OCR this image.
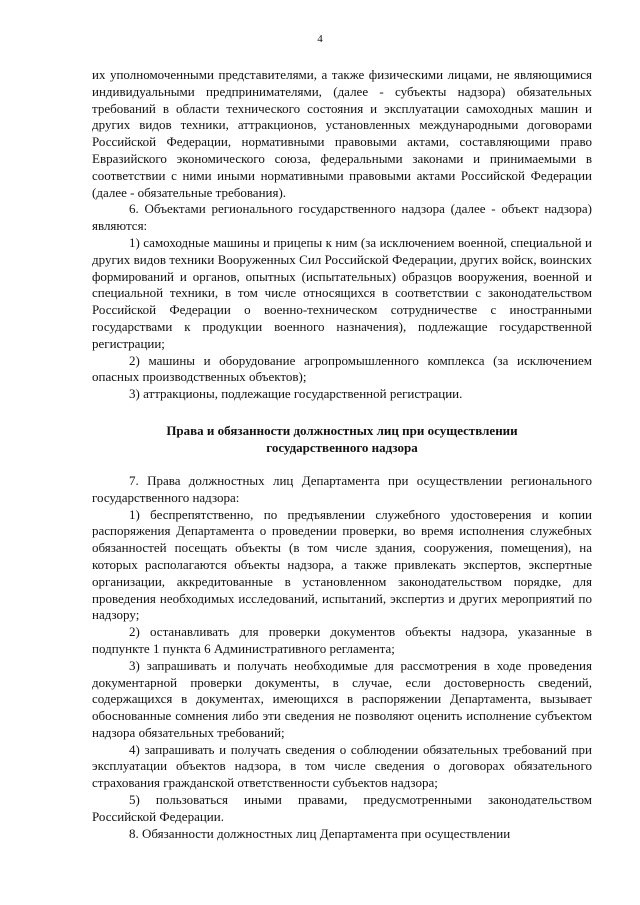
4

их уполномоченными представителями, а также физическими лицами, не являющимися индивидуальными предпринимателями, (далее - субъекты надзора) обязательных требований в области технического состояния и эксплуатации самоходных машин и других видов техники, аттракционов, установленных международными договорами Российской Федерации, нормативными правовыми актами, составляющими право Евразийского экономического союза, федеральными законами и принимаемыми в соответствии с ними иными нормативными правовыми актами Российской Федерации (далее - обязательные требования).

6. Объектами регионального государственного надзора (далее - объект надзора) являются:

1) самоходные машины и прицепы к ним (за исключением военной, специальной и других видов техники Вооруженных Сил Российской Федерации, других войск, воинских формирований и органов, опытных (испытательных) образцов вооружения, военной и специальной техники, в том числе относящихся в соответствии с законодательством Российской Федерации о военно-техническом сотрудничестве с иностранными государствами к продукции военного назначения), подлежащие государственной регистрации;

2) машины и оборудование агропромышленного комплекса (за исключением опасных производственных объектов);

3) аттракционы, подлежащие государственной регистрации.

Права и обязанности должностных лиц при осуществлении
государственного надзора

7. Права должностных лиц Департамента при осуществлении регионального государственного надзора:

1) беспрепятственно, по предъявлении служебного удостоверения и копии распоряжения Департамента о проведении проверки, во время исполнения служебных обязанностей посещать объекты (в том числе здания, сооружения, помещения), на которых располагаются объекты надзора, а также привлекать экспертов, экспертные организации, аккредитованные в установленном законодательством порядке, для проведения необходимых исследований, испытаний, экспертиз и других мероприятий по надзору;

2) останавливать для проверки документов объекты надзора, указанные в подпункте 1 пункта 6 Административного регламента;

3) запрашивать и получать необходимые для рассмотрения в ходе проведения документарной проверки документы, в случае, если достоверность сведений, содержащихся в документах, имеющихся в распоряжении Департамента, вызывает обоснованные сомнения либо эти сведения не позволяют оценить исполнение субъектом надзора обязательных требований;

4) запрашивать и получать сведения о соблюдении обязательных требований при эксплуатации объектов надзора, в том числе сведения о договорах обязательного страхования гражданской ответственности субъектов надзора;

5) пользоваться иными правами, предусмотренными законодательством Российской Федерации.

8. Обязанности должностных лиц Департамента при осуществлении
